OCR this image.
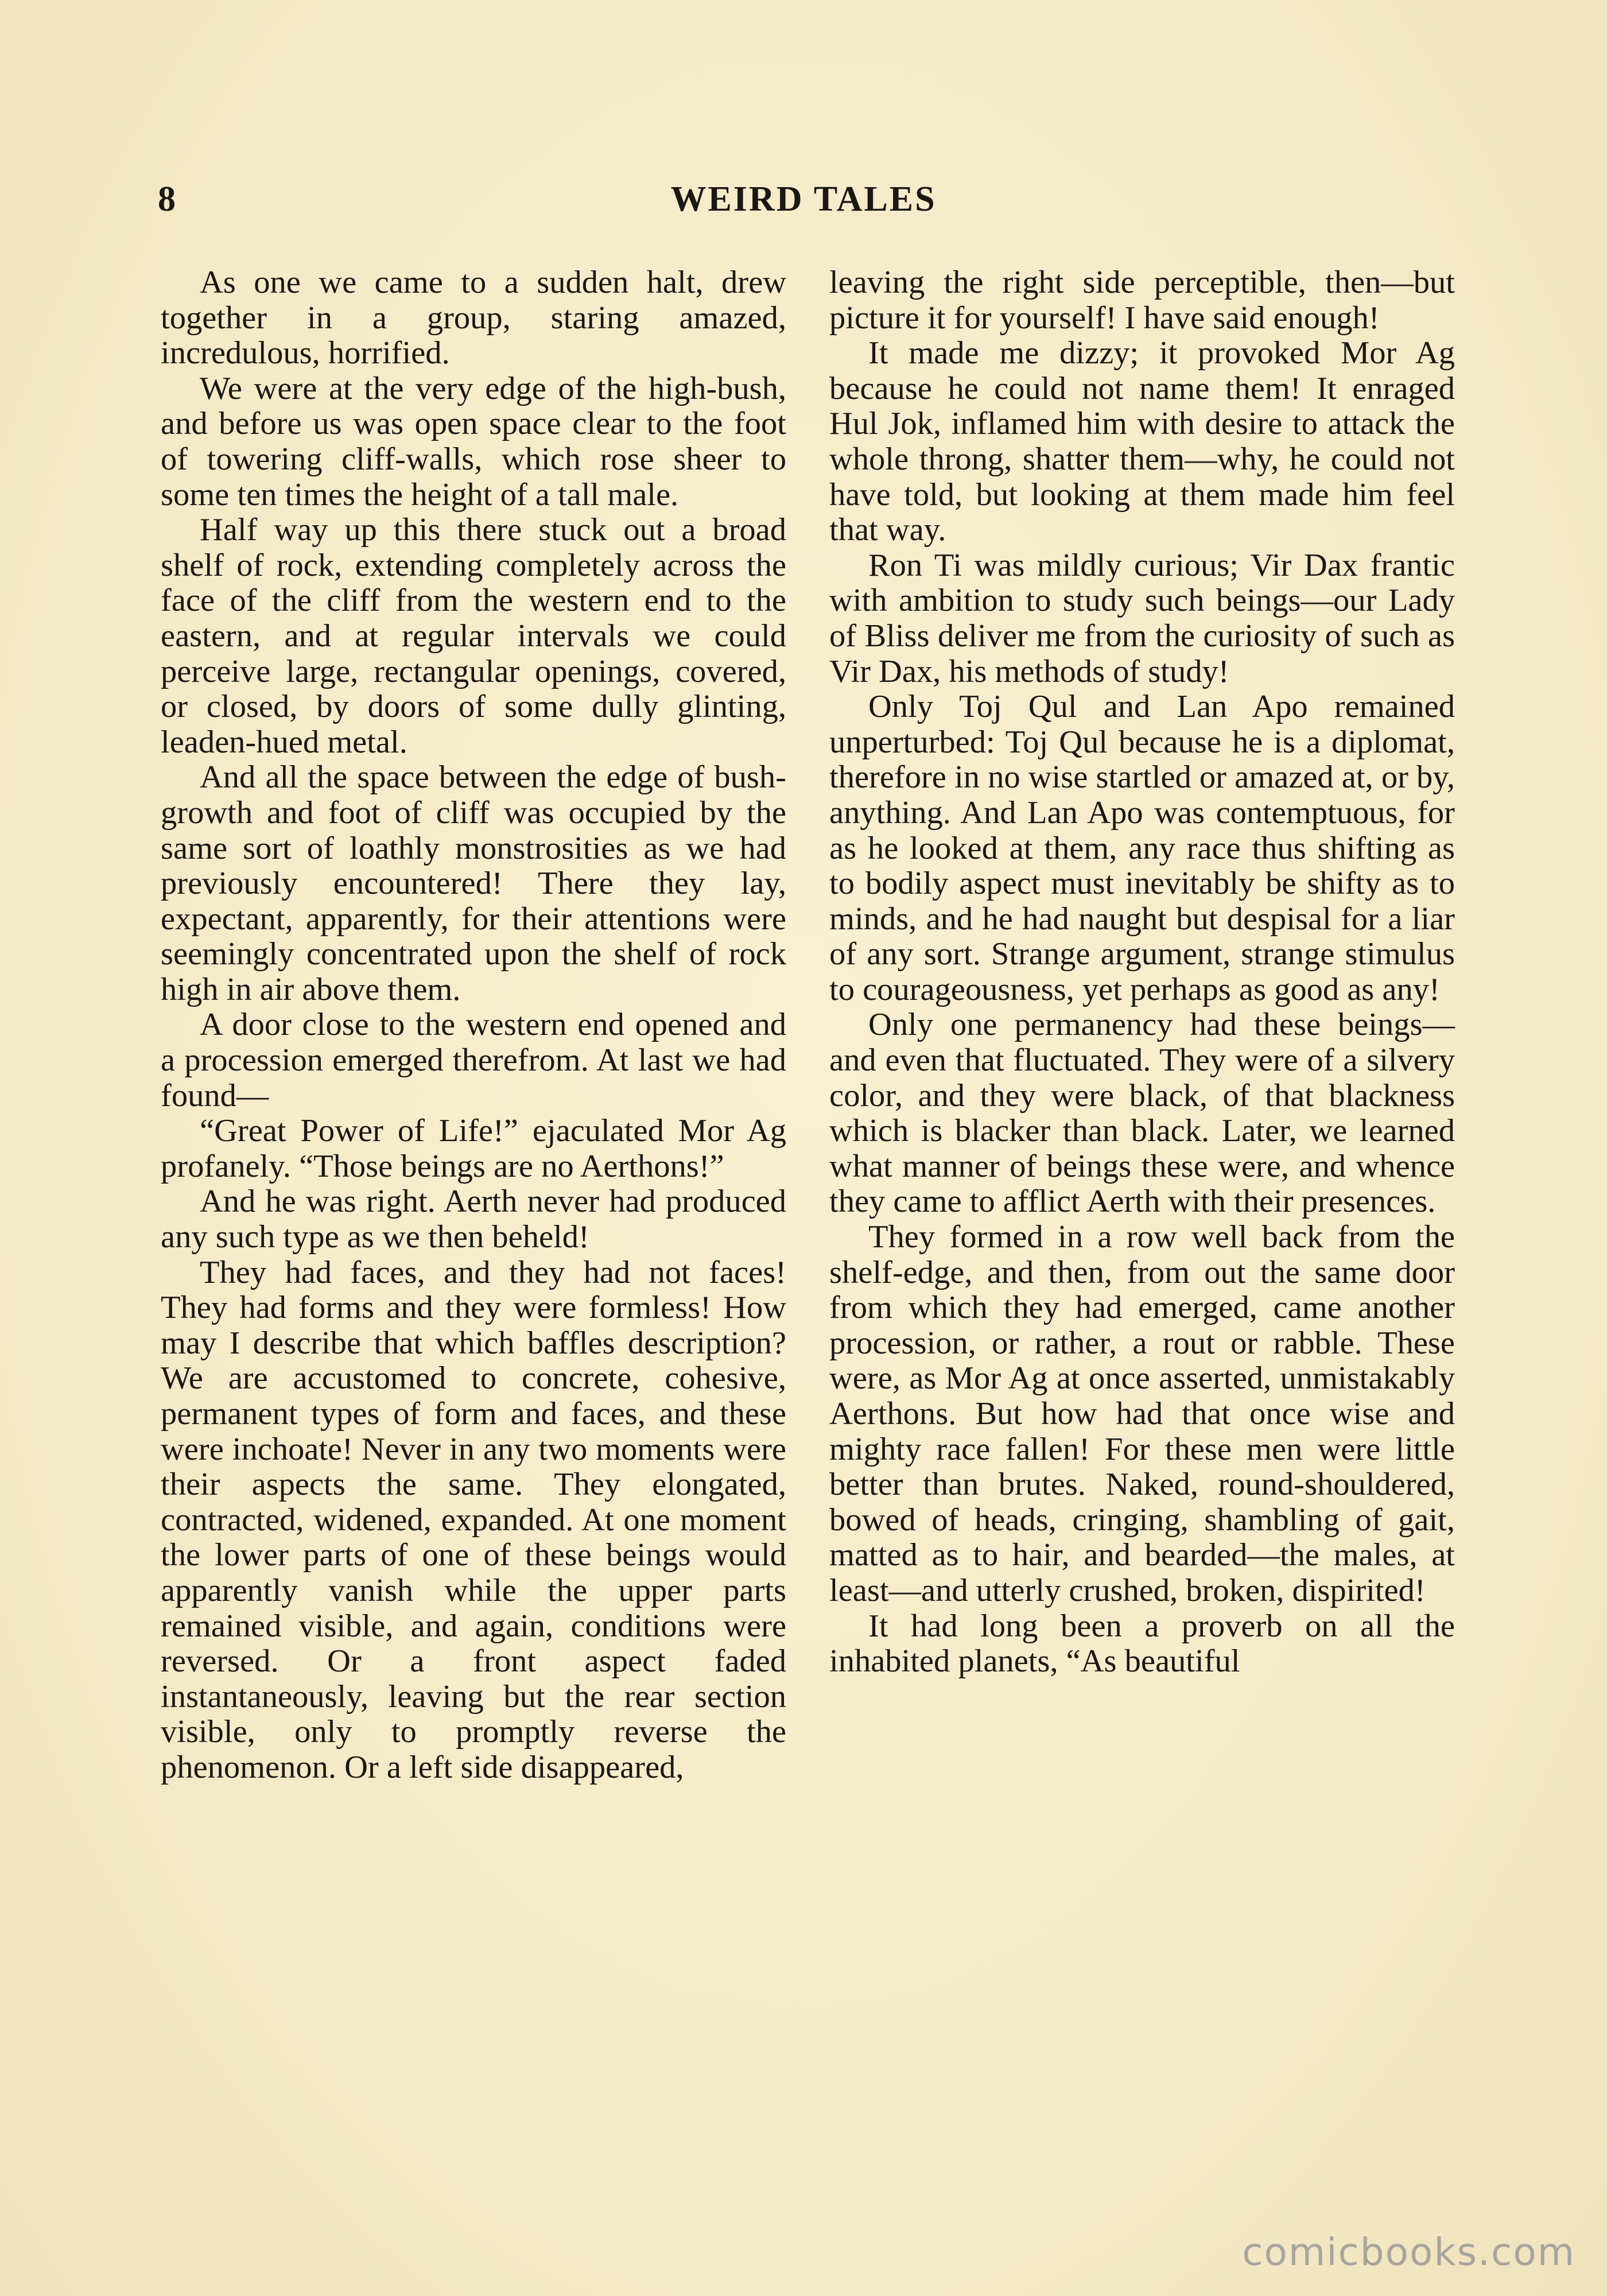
8	WEIRD TALES

As one we came to a sudden halt, drew together in a group, staring amazed, incredulous, horrified.

We were at the very edge of the high-bush, and before us was open space clear to the foot of towering cliff-walls, which rose sheer to some ten times the height of a tall male.

Half way up this there stuck out a broad shelf of rock, extending completely across the face of the cliff from the western end to the eastern, and at regular intervals we could perceive large, rectangular openings, covered, or closed, by doors of some dully glinting, leaden-hued metal.

And all the space between the edge of bush-growth and foot of cliff was occupied by the same sort of loathly monstrosities as we had previously encountered! There they lay, expectant, apparently, for their attentions were seemingly concentrated upon the shelf of rock high in air above them.

A door close to the western end opened and a procession emerged therefrom. At last we had found—

“Great Power of Life!” ejaculated Mor Ag profanely. “Those beings are no Aerthons!”

And he was right. Aerth never had produced any such type as we then beheld!

They had faces, and they had not faces! They had forms and they were formless! How may I describe that which baffles description? We are accustomed to concrete, cohesive, permanent types of form and faces, and these were inchoate! Never in any two moments were their aspects the same. They elongated, contracted, widened, expanded. At one moment the lower parts of one of these beings would apparently vanish while the upper parts remained visible, and again, conditions were reversed. Or a front aspect faded instantaneously, leaving but the rear section visible, only to promptly reverse the phenomenon. Or a left side disappeared,

leaving the right side perceptible, then—but picture it for yourself! I have said enough!

It made me dizzy; it provoked Mor Ag because he could not name them! It enraged Hul Jok, inflamed him with desire to attack the whole throng, shatter them—why, he could not have told, but looking at them made him feel that way.

Ron Ti was mildly curious; Vir Dax frantic with ambition to study such beings—our Lady of Bliss deliver me from the curiosity of such as Vir Dax, his methods of study!

Only Toj Qul and Lan Apo remained unperturbed: Toj Qul because he is a diplomat, therefore in no wise startled or amazed at, or by, anything. And Lan Apo was contemptuous, for as he looked at them, any race thus shifting as to bodily aspect must inevitably be shifty as to minds, and he had naught but despisal for a liar of any sort. Strange argument, strange stimulus to courageousness, yet perhaps as good as any!

Only one permanency had these beings—and even that fluctuated. They were of a silvery color, and they were black, of that blackness which is blacker than black. Later, we learned what manner of beings these were, and whence they came to afflict Aerth with their presences.

They formed in a row well back from the shelf-edge, and then, from out the same door from which they had emerged, came another procession, or rather, a rout or rabble. These were, as Mor Ag at once asserted, unmistakably Aerthons. But how had that once wise and mighty race fallen! For these men were little better than brutes. Naked, round-shouldered, bowed of heads, cringing, shambling of gait, matted as to hair, and bearded—the males, at least—and utterly crushed, broken, dispirited!

It had long been a proverb on all the inhabited planets, “As beautiful

comicbooks.com
